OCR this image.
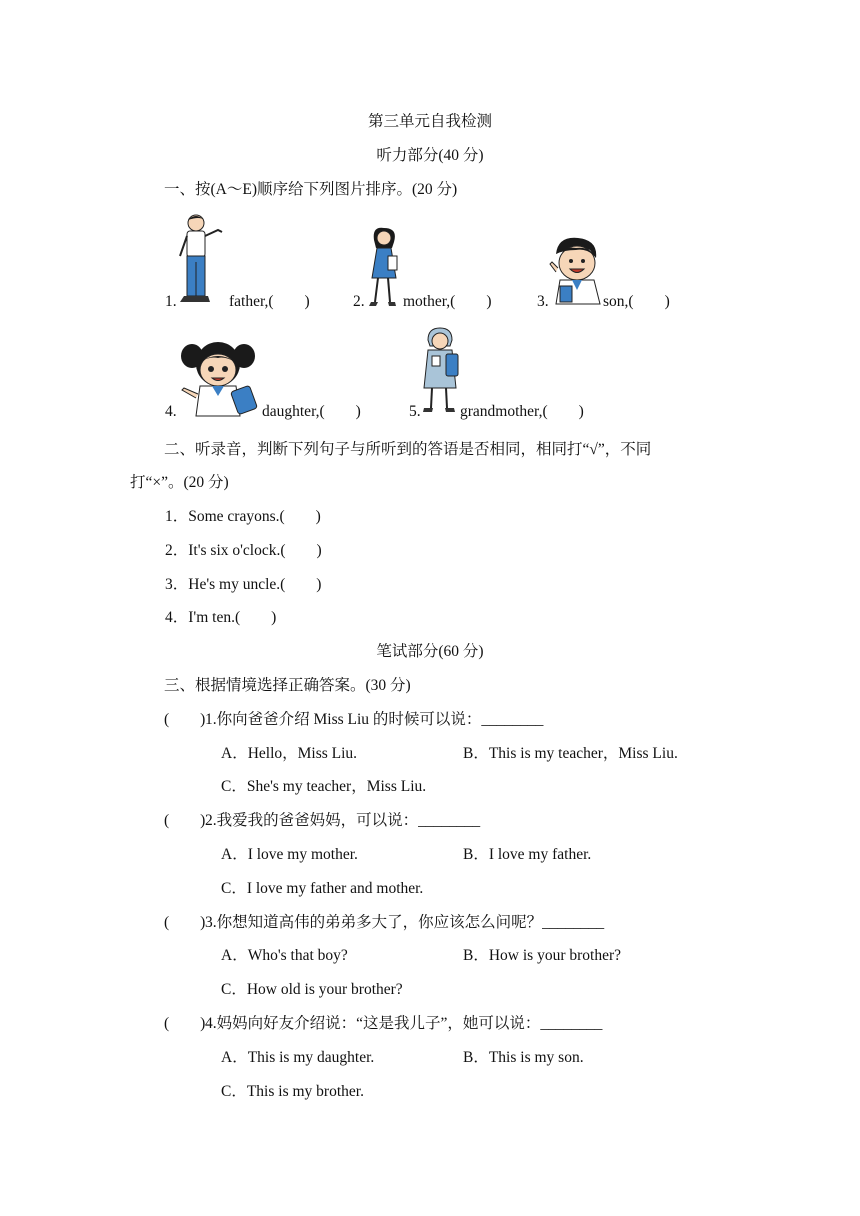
第三单元自我检测
听力部分(40 分)
一、按(A～E)顺序给下列图片排序。(20 分)
1.	father,(　　)	2. mother,(　　)	3.	son,(　　)
4.	daughter,(　　)	5.	grandmother,(　　)
二、听录音，判断下列句子与所听到的答语是否相同，相同打“√”，不同
打“×”。(20 分)
1．Some crayons.(　　)
2．It's six o'clock.(　　)
3．He's my uncle.(　　)
4．I'm ten.(　　)
笔试部分(60 分)
三、根据情境选择正确答案。(30 分)
(　　) 1.你向爸爸介绍 Miss Liu 的时候可以说：________
A．Hello，Miss Liu.	B．This is my teacher，Miss Liu.
C．She's my teacher，Miss Liu.
(　　) 2.我爱我的爸爸妈妈，可以说：________
A．I love my mother.	B．I love my father.
C．I love my father and mother.
(　　) 3.你想知道高伟的弟弟多大了，你应该怎么问呢？________
A．Who's that boy?	B．How is your brother?
C．How old is your brother?
(　　) 4.妈妈向好友介绍说：“这是我儿子”，她可以说：________
A．This is my daughter.	B．This is my son.
C．This is my brother.
